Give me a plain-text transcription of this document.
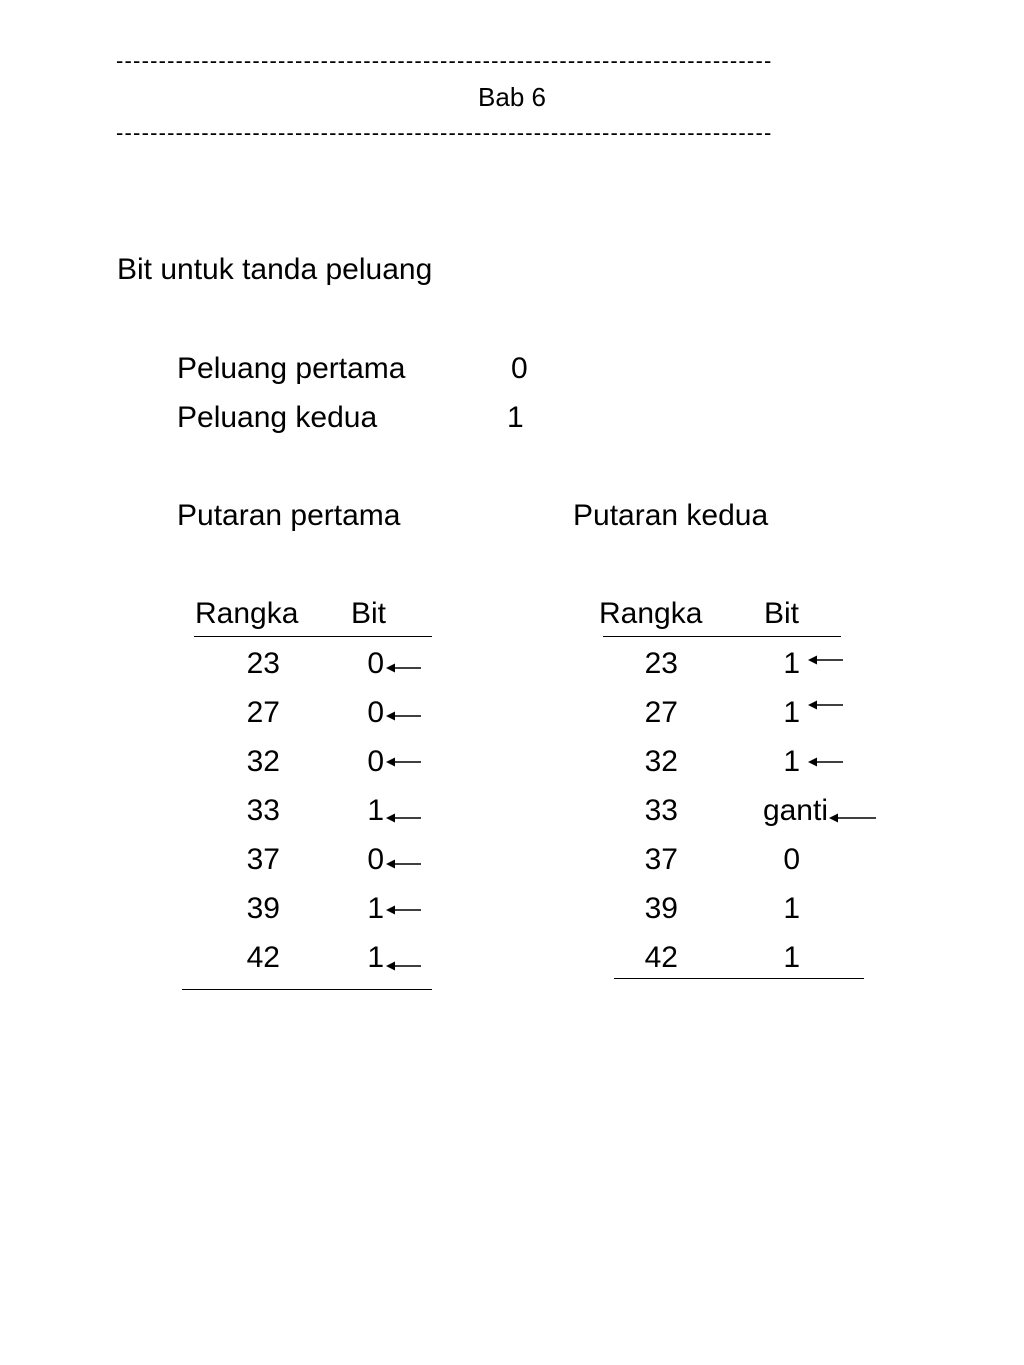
-----------------------------------------------------------------------------
Bab 6
-----------------------------------------------------------------------------
Bit untuk tanda peluang
Peluang pertama	0
Peluang kedua	1
Putaran pertama	Putaran kedua
Rangka Bit	Rangka Bit
23	0
27	0
32	0
33	1
37	0
39	1
42	1
23	1
27	1
32	1
33	ganti
37	0
39	1
42	1
